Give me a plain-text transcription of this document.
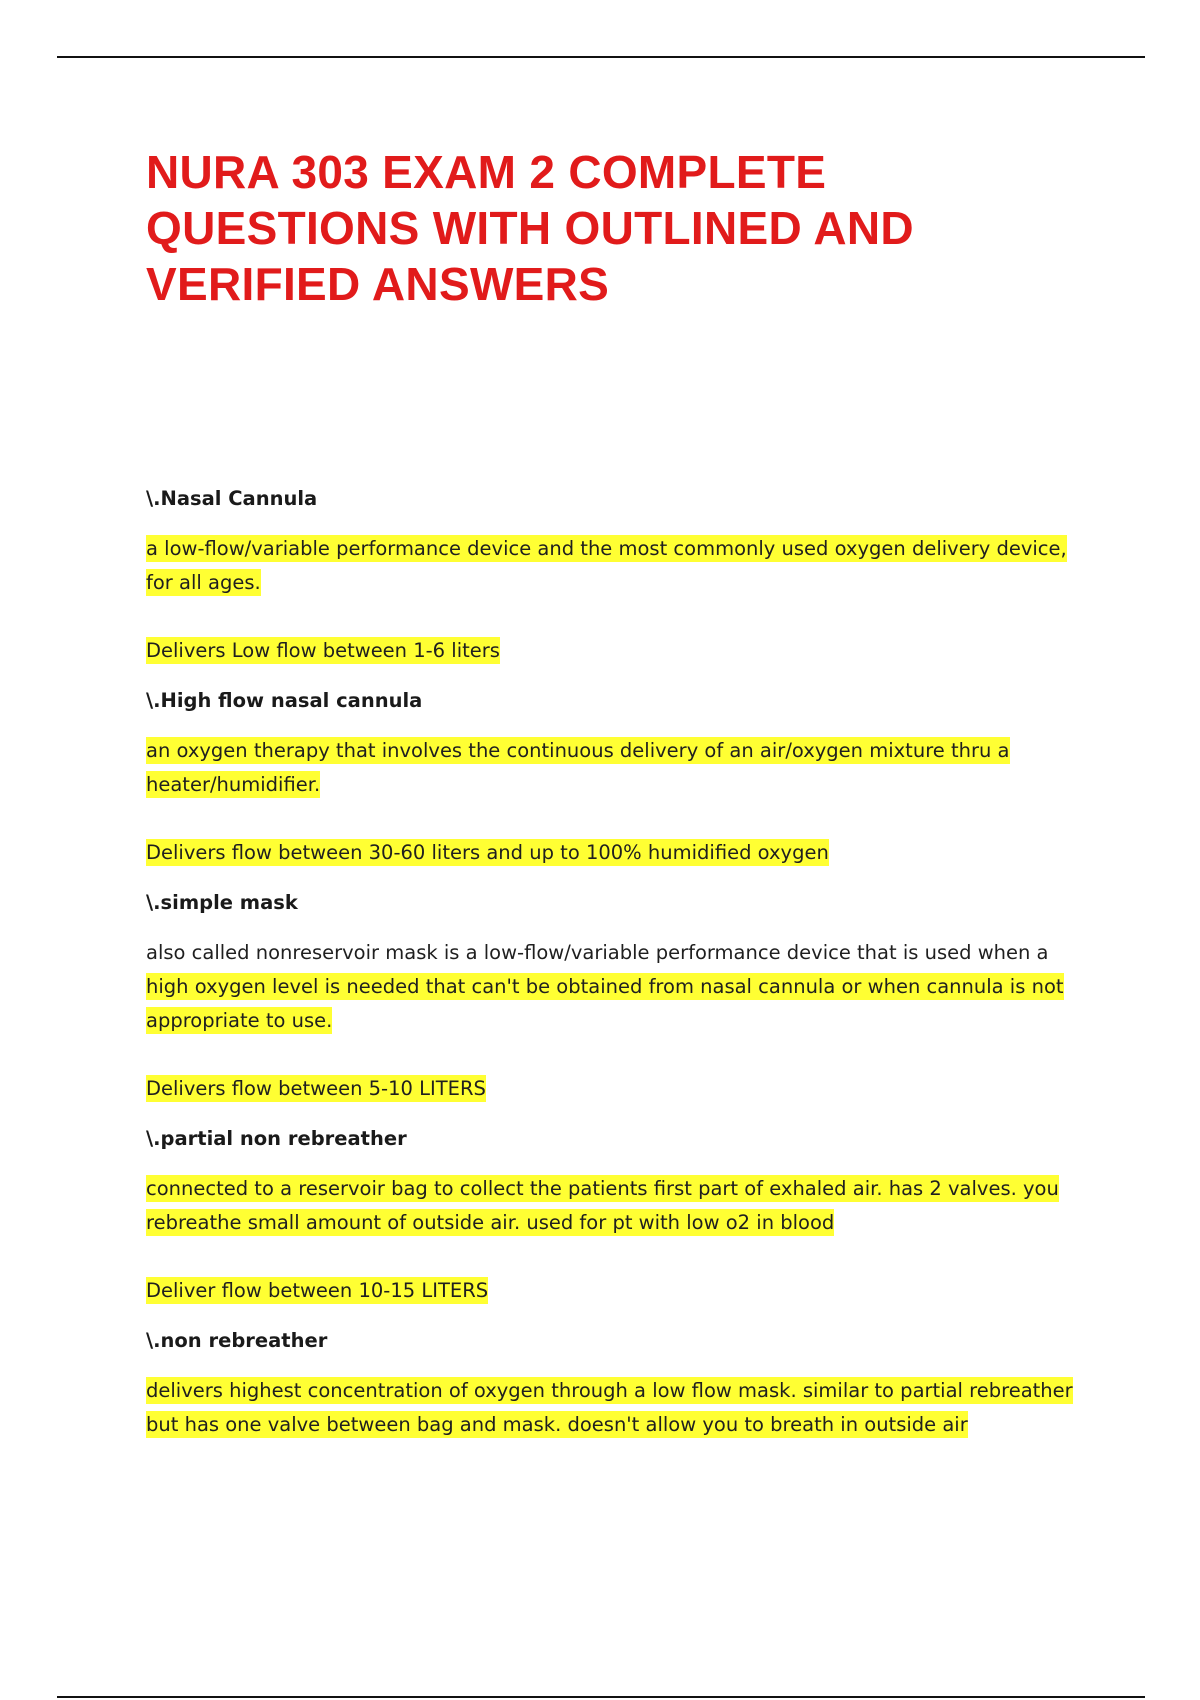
NURA 303 EXAM 2 COMPLETE
QUESTIONS WITH OUTLINED AND
VERIFIED ANSWERS

\.Nasal Cannula

a low-flow/variable performance device and the most commonly used oxygen delivery device,
for all ages.

Delivers Low flow between 1-6 liters

\.High flow nasal cannula

an oxygen therapy that involves the continuous delivery of an air/oxygen mixture thru a
heater/humidifier.

Delivers flow between 30-60 liters and up to 100% humidified oxygen

\.simple mask

also called nonreservoir mask is a low-flow/variable performance device that is used when a
high oxygen level is needed that can't be obtained from nasal cannula or when cannula is not
appropriate to use.

Delivers flow between 5-10 LITERS

\.partial non rebreather

connected to a reservoir bag to collect the patients first part of exhaled air. has 2 valves. you
rebreathe small amount of outside air. used for pt with low o2 in blood

Deliver flow between 10-15 LITERS

\.non rebreather

delivers highest concentration of oxygen through a low flow mask. similar to partial rebreather
but has one valve between bag and mask. doesn't allow you to breath in outside air
